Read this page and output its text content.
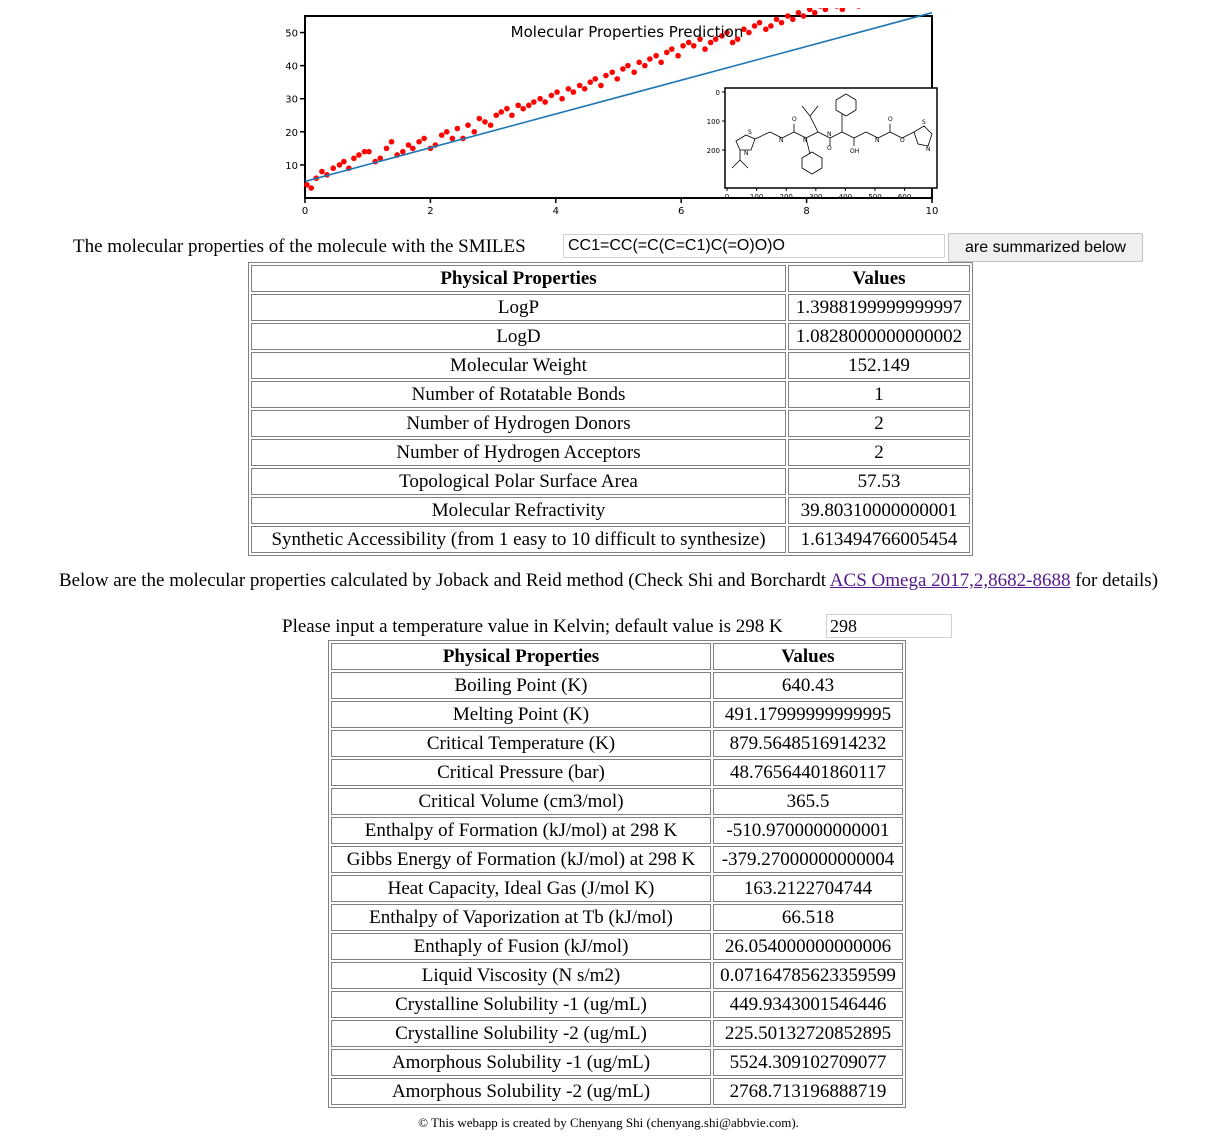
10
20
30
40
50
0	2	4	6	8	10
Molecular Properties Prediction
0
100
200
0	100 200 300 400 500 600
S
N
N
O
N
O
N
OH
N
O
O
S
N
The molecular properties of the molecule with the SMILES
CC1=CC(=C(C=C1)C(=O)O)O	are summarized below
Physical Properties	Values
LogP	1.3988199999999997
LogD	1.0828000000000002
Molecular Weight	152.149
Number of Rotatable Bonds	1
Number of Hydrogen Donors	2
Number of Hydrogen Acceptors	2
Topological Polar Surface Area	57.53
Molecular Refractivity	39.80310000000001
Synthetic Accessibility (from 1 easy to 10 difficult to synthesize)	1.613494766005454
Below are the molecular properties calculated by Joback and Reid method (Check Shi and Borchardt ACS Omega 2017,2,8682-8688 for details)
Please input a temperature value in Kelvin; default value is 298 K
298
Physical Properties	Values
Boiling Point (K)	640.43
Melting Point (K)	491.17999999999995
Critical Temperature (K)	879.5648516914232
Critical Pressure (bar)	48.76564401860117
Critical Volume (cm3/mol)	365.5
Enthalpy of Formation (kJ/mol) at 298 K	-510.9700000000001
Gibbs Energy of Formation (kJ/mol) at 298 K	-379.27000000000004
Heat Capacity, Ideal Gas (J/mol K)	163.2122704744
Enthalpy of Vaporization at Tb (kJ/mol)	66.518
Enthaply of Fusion (kJ/mol)	26.054000000000006
Liquid Viscosity (N s/m2)	0.07164785623359599
Crystalline Solubility -1 (ug/mL)	449.9343001546446
Crystalline Solubility -2 (ug/mL)	225.50132720852895
Amorphous Solubility -1 (ug/mL)	5524.309102709077
Amorphous Solubility -2 (ug/mL)	2768.713196888719
© This webapp is created by Chenyang Shi (chenyang.shi@abbvie.com).
